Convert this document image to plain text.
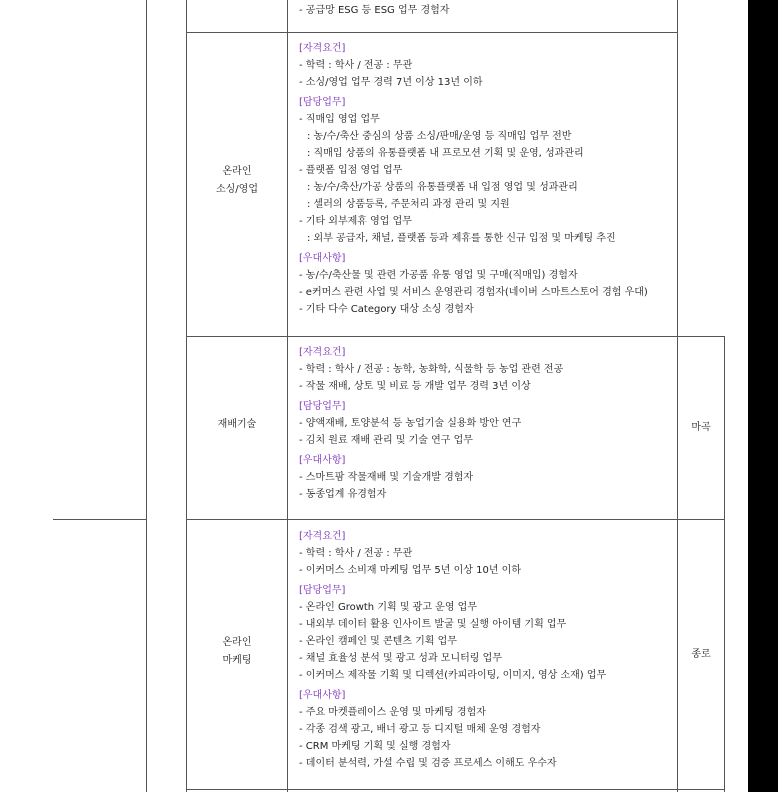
- 공급망 ESG 등 ESG 업무 경험자
온라인
소싱/영업
재배기술
온라인
마케팅
마곡
종로
[자격요건]
- 학력 : 학사 / 전공 : 무관
- 소싱/영업 업무 경력 7년 이상 13년 이하
[담당업무]
- 직매입 영업 업무
: 농/수/축산 중심의 상품 소싱/판매/운영 등 직매입 업무 전반
: 직매입 상품의 유통플랫폼 내 프로모션 기획 및 운영, 성과관리
- 플랫폼 입점 영업 업무
: 농/수/축산/가공 상품의 유통플랫폼 내 입점 영업 및 성과관리
: 셀러의 상품등록, 주문처리 과정 관리 및 지원
- 기타 외부제휴 영업 업무
: 외부 공급자, 채널, 플랫폼 등과 제휴를 통한 신규 입점 및 마케팅 추진
[우대사항]
- 농/수/축산물 및 관련 가공품 유통 영업 및 구매(직매입) 경험자
- e커머스 관련 사업 및 서비스 운영관리 경험자(네이버 스마트스토어 경험 우대)
- 기타 다수 Category 대상 소싱 경험자
[자격요건]
- 학력 : 학사 / 전공 : 농학, 농화학, 식물학 등 농업 관련 전공
- 작물 재배, 상토 및 비료 등 개발 업무 경력 3년 이상
[담당업무]
- 양액재배, 토양분석 등 농업기술 실용화 방안 연구
- 김치 원료 재배 관리 및 기술 연구 업무
[우대사항]
- 스마트팜 작물재배 및 기술개발 경험자
- 동종업계 유경험자
[자격요건]
- 학력 : 학사 / 전공 : 무관
- 이커머스 소비재 마케팅 업무 5년 이상 10년 이하
[담당업무]
- 온라인 Growth 기획 및 광고 운영 업무
- 내외부 데이터 활용 인사이트 발굴 및 실행 아이템 기획 업무
- 온라인 캠페인 및 콘텐츠 기획 업무
- 채널 효율성 분석 및 광고 성과 모니터링 업무
- 이커머스 제작물 기획 및 디렉션(카피라이팅, 이미지, 영상 소재) 업무
[우대사항]
- 주요 마켓플레이스 운영 및 마케팅 경험자
- 각종 검색 광고, 배너 광고 등 디지털 매체 운영 경험자
- CRM 마케팅 기획 및 실행 경험자
- 데이터 분석력, 가설 수립 및 검증 프로세스 이해도 우수자
